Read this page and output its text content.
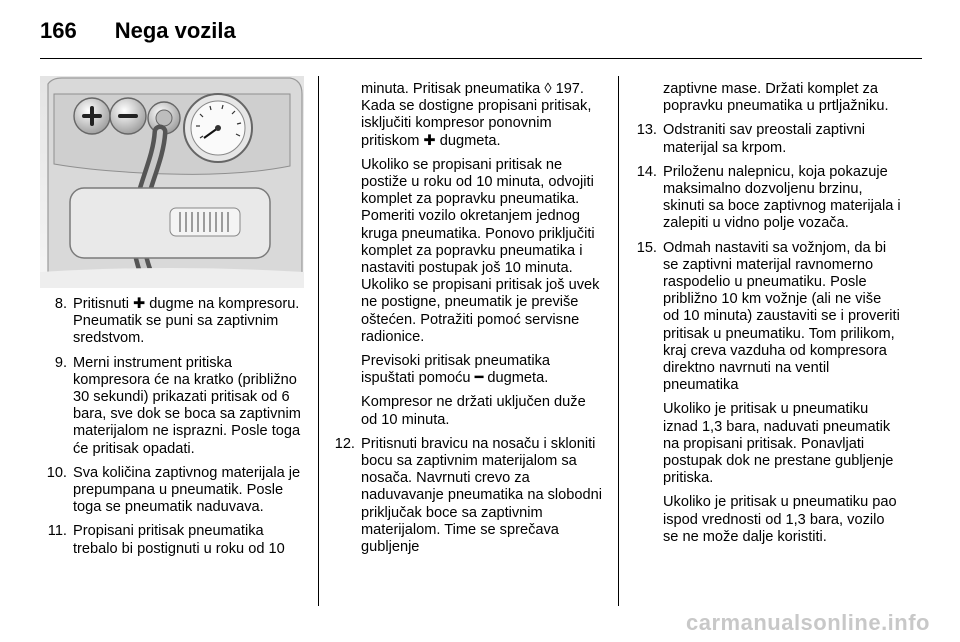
166 Nega vozila
8. Pritisnuti ✚ dugme na kompresoru. Pneumatik se puni sa zaptivnim sredstvom.
9. Merni instrument pritiska kompresora će na kratko (približno 30 sekundi) prikazati pritisak od 6 bara, sve dok se boca sa zaptivnim materijalom ne isprazni. Posle toga će pritisak opadati.
10. Sva količina zaptivnog materijala je prepumpana u pneumatik. Posle toga se pneumatik naduvava.
11. Propisani pritisak pneumatika trebalo bi postignuti u roku od 10
minuta. Pritisak pneumatika ◊ 197. Kada se dostigne propisani pritisak, isključiti kompresor ponovnim pritiskom ✚ dugmeta.
Ukoliko se propisani pritisak ne postiže u roku od 10 minuta, odvojiti komplet za popravku pneumatika. Pomeriti vozilo okretanjem jednog kruga pneumatika. Ponovo priključiti komplet za popravku pneumatika i nastaviti postupak još 10 minuta. Ukoliko se propisani pritisak još uvek ne postigne, pneumatik je previše oštećen. Potražiti pomoć servisne radionice.
Previsoki pritisak pneumatika ispuštati pomoću ━ dugmeta.
Kompresor ne držati uključen duže od 10 minuta.
12. Pritisnuti bravicu na nosaču i skloniti bocu sa zaptivnim materijalom sa nosača. Navrnuti crevo za naduvavanje pneumatika na slobodni priključak boce sa zaptivnim materijalom. Time se sprečava gubljenje
zaptivne mase. Držati komplet za popravku pneumatika u prtljažniku.
13. Odstraniti sav preostali zaptivni materijal sa krpom.
14. Priloženu nalepnicu, koja pokazuje maksimalno dozvoljenu brzinu, skinuti sa boce zaptivnog materijala i zalepiti u vidno polje vozača.
15. Odmah nastaviti sa vožnjom, da bi se zaptivni materijal ravnomerno raspodelio u pneumatiku. Posle približno 10 km vožnje (ali ne više od 10 minuta) zaustaviti se i proveriti pritisak u pneumatiku. Tom prilikom, kraj creva vazduha od kompresora direktno navrnuti na ventil pneumatika
Ukoliko je pritisak u pneumatiku iznad 1,3 bara, naduvati pneumatik na propisani pritisak. Ponavljati postupak dok ne prestane gubljenje pritiska.
Ukoliko je pritisak u pneumatiku pao ispod vrednosti od 1,3 bara, vozilo se ne može dalje koristiti.
carmanualsonline.info
